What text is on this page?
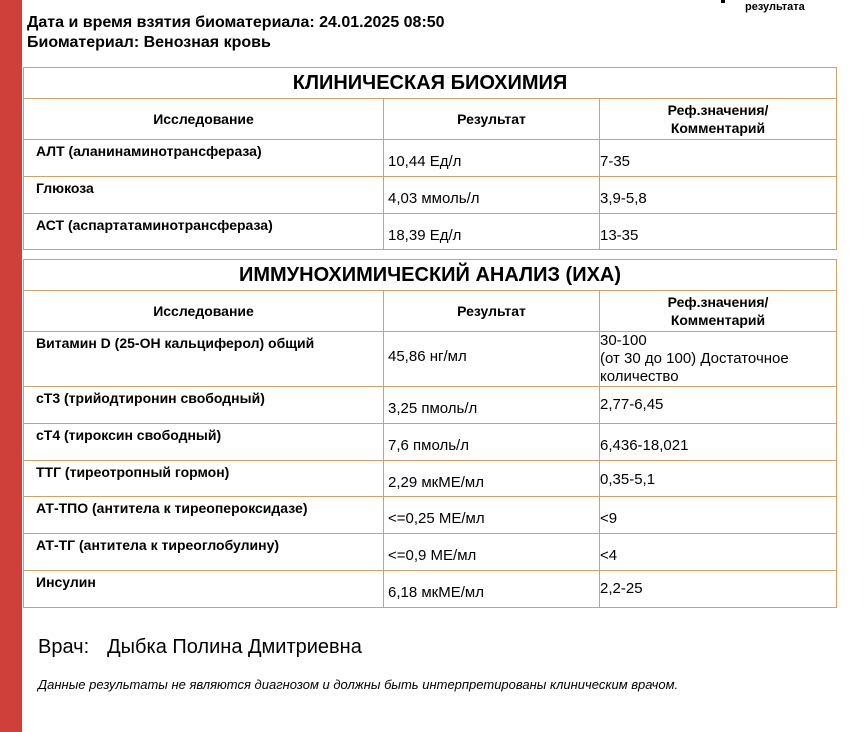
результата
Дата и время взятия биоматериала: 24.01.2025 08:50
Биоматериал: Венозная кровь
КЛИНИЧЕСКАЯ БИОХИМИЯ		
Исследование	Результат	Реф.значения/
Комментарий

АЛТ (аланинаминотрансфераза)	10,44 Ед/л	7-35

Глюкоза	4,03 ммоль/л	3,9-5,8

АСТ (аспартатаминотрансфераза)	18,39 Ед/л	13-35
ИММУНОХИМИЧЕСКИЙ АНАЛИЗ (ИХА)		
Исследование	Результат	Реф.значения/
Комментарий

Витамин D (25-OH кальциферол) общий	45,86 нг/мл	30-100
(от 30 до 100) Достаточное
количество

сТ3 (трийодтиронин свободный)	3,25 пмоль/л	2,77-6,45

сТ4 (тироксин свободный)	7,6 пмоль/л	6,436-18,021

ТТГ (тиреотропный гормон)	2,29 мкМЕ/мл	0,35-5,1

АТ-ТПО (антитела к тиреопероксидазе)	<=0,25 МЕ/мл	<9

АТ-ТГ (антитела к тиреоглобулину)	<=0,9 МЕ/мл	<4

Инсулин	6,18 мкМЕ/мл	2,2-25
Врач: Дыбка Полина Дмитриевна
Данные результаты не являются диагнозом и должны быть интерпретированы клиническим врачом.
